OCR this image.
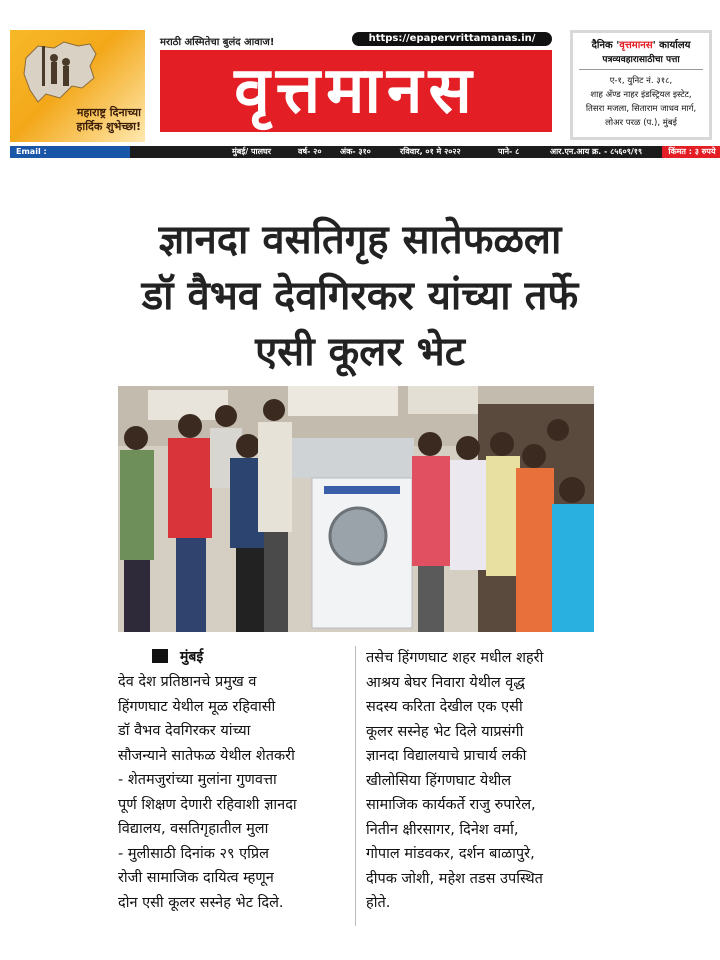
महाराष्ट्र दिनाच्या
हार्दिक शुभेच्छा!
मराठी अस्मितेचा बुलंद आवाज!	https://epapervrittamanas.in/
वृत्तमानस
दैनिक 'वृत्तमानस' कार्यालय
पत्रव्यवहारासाठीचा पत्ता
ए-१, युनिट नं. ३१८,
शाह अँण्ड नाहर इंडस्ट्रियल इस्टेट,
तिसरा मजला, सिताराम जाधव मार्ग,
लोअर परळ (प.), मुंबई
Email : vrittamanas1@gmail.com
मुंबई/ पालघर	वर्ष- २० अंक- ३१०	रविवार, ०१ मे २०२२	पाने- ८	आर.एन.आय क्र. - ८५६०९/१९	किंमत : ३ रुपये
ज्ञानदा वसतिगृह सातेफळला
डॉ वैभव देवगिरकर यांच्या तर्फे
एसी कूलर भेट
मुंबई
देव देश प्रतिष्ठानचे प्रमुख व
हिंगणघाट येथील मूळ रहिवासी
डॉ वैभव देवगिरकर यांच्या
सौजन्याने सातेफळ येथील शेतकरी
- शेतमजुरांच्या मुलांना गुणवत्ता
पूर्ण शिक्षण देणारी रहिवाशी ज्ञानदा
विद्यालय, वसतिगृहातील मुला
- मुलीसाठी दिनांक २९ एप्रिल
रोजी सामाजिक दायित्व म्हणून
दोन एसी कूलर सस्नेह भेट दिले.
तसेच हिंगणघाट शहर मधील शहरी
आश्रय बेघर निवारा येथील वृद्ध
सदस्य करिता देखील एक एसी
कूलर सस्नेह भेट दिले याप्रसंगी
ज्ञानदा विद्यालयाचे प्राचार्य लकी
खीलोसिया हिंगणघाट येथील
सामाजिक कार्यकर्ते राजु रुपारेल,
नितीन क्षीरसागर, दिनेश वर्मा,
गोपाल मांडवकर, दर्शन बाळापुरे,
दीपक जोशी, महेश तडस उपस्थित
होते.
